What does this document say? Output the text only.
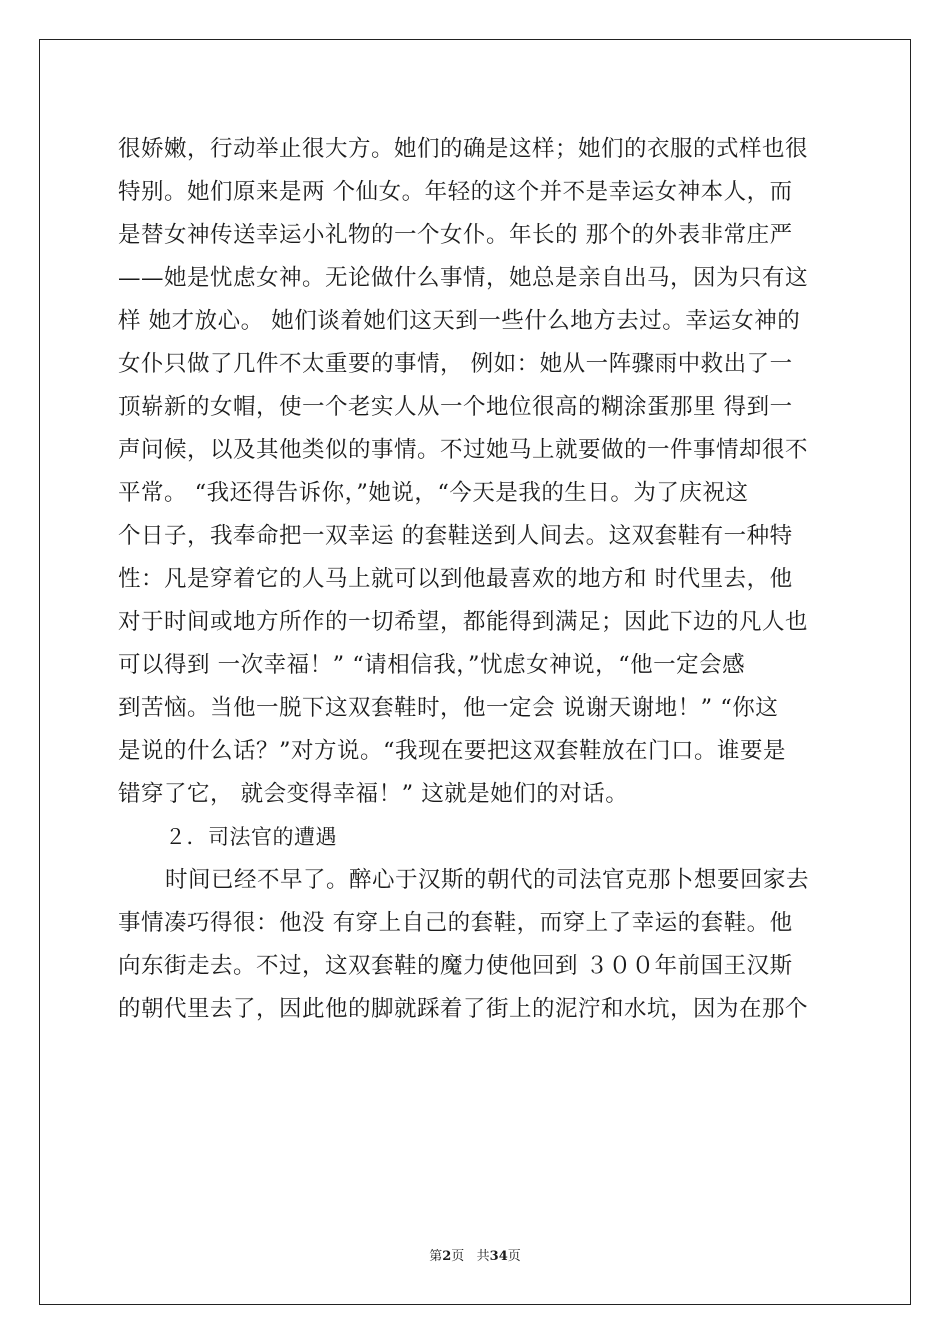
很娇嫩，行动举止很大方。她们的确是这样；她们的衣服的式样也很
特别。她们原来是两 个仙女。年轻的这个并不是幸运女神本人，而
是替女神传送幸运小礼物的一个女仆。年长的 那个的外表非常庄严
——她是忧虑女神。无论做什么事情，她总是亲自出马，因为只有这
样 她才放心。 她们谈着她们这天到一些什么地方去过。幸运女神的
女仆只做了几件不太重要的事情， 例如：她从一阵骤雨中救出了一
顶崭新的女帽，使一个老实人从一个地位很高的糊涂蛋那里 得到一
声问候，以及其他类似的事情。不过她马上就要做的一件事情却很不
平常。 “我还得告诉你，”她说，“今天是我的生日。为了庆祝这
个日子，我奉命把一双幸运 的套鞋送到人间去。这双套鞋有一种特
性：凡是穿着它的人马上就可以到他最喜欢的地方和 时代里去，他
对于时间或地方所作的一切希望，都能得到满足；因此下边的凡人也
可以得到 一次幸福！” “请相信我，”忧虑女神说，“他一定会感
到苦恼。当他一脱下这双套鞋时，他一定会 说谢天谢地！” “你这
是说的什么话？”对方说。“我现在要把这双套鞋放在门口。谁要是
错穿了它， 就会变得幸福！” 这就是她们的对话。
２．司法官的遭遇
时间已经不早了。醉心于汉斯的朝代的司法官克那卜想要回家去
事情凑巧得很：他没 有穿上自己的套鞋，而穿上了幸运的套鞋。他
向东街走去。不过，这双套鞋的魔力使他回到 ３００年前国王汉斯
的朝代里去了，因此他的脚就踩着了街上的泥泞和水坑，因为在那个
第2页   共34页
